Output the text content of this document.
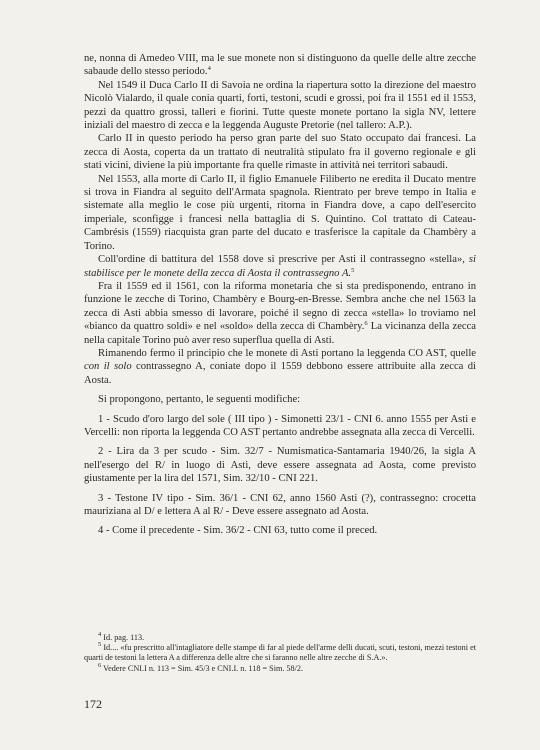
ne, nonna di Amedeo VIII, ma le sue monete non si distinguono da quelle delle altre zecche sabaude dello stesso periodo.$^4$

Nel 1549 il Duca Carlo II di Savoia ne ordina la riapertura sotto la direzione del maestro Nicolò Vialardo, il quale conia quarti, forti, testoni, scudi e grossi, poi fra il 1551 ed il 1553, pezzi da quattro grossi, talleri e fiorini. Tutte queste monete portano la sigla NV, lettere iniziali del maestro di zecca e la leggenda Auguste Pretorie (nel tallero: A.P.).

Carlo II in questo periodo ha perso gran parte del suo Stato occupato dai francesi. La zecca di Aosta, coperta da un trattato di neutralità stipulato fra il governo regionale e gli stati vicini, diviene la più importante fra quelle rimaste in attività nei territori sabaudi.

Nel 1553, alla morte di Carlo II, il figlio Emanuele Filiberto ne eredita il Ducato mentre si trova in Fiandra al seguito dell'Armata spagnola. Rientrato per breve tempo in Italia e sistemate alla meglio le cose più urgenti, ritorna in Fiandra dove, a capo dell'esercito imperiale, sconfigge i francesi nella battaglia di S. Quintino. Col trattato di Cateau-Cambrésis (1559) riacquista gran parte del ducato e trasferisce la capitale da Chambèry a Torino.

Coll'ordine di battitura del 1558 dove si prescrive per Asti il contrassegno «stella», si stabilisce per le monete della zecca di Aosta il contrassegno A.$^5$

Fra il 1559 ed il 1561, con la riforma monetaria che si sta predisponendo, entrano in funzione le zecche di Torino, Chambèry e Bourg-en-Bresse. Sembra anche che nel 1563 la zecca di Asti abbia smesso di lavorare, poiché il segno di zecca «stella» lo troviamo nel «bianco da quattro soldi» e nel «soldo» della zecca di Chambèry.$^6$ La vicinanza della zecca nella capitale Torino può aver reso superflua quella di Asti.

Rimanendo fermo il principio che le monete di Asti portano la leggenda CO AST, quelle con il solo contrassegno A, coniate dopo il 1559 debbono essere attribuite alla zecca di Aosta.

Si propongono, pertanto, le seguenti modifiche:

1 - Scudo d'oro largo del sole ( III tipo ) - Simonetti 23/1 - CNI 6. anno 1555 per Asti e Vercelli: non riporta la leggenda CO AST pertanto andrebbe assegnata alla zecca di Vercelli.

2 - Lira da 3 per scudo - Sim. 32/7 - Numismatica-Santamaria 1940/26, la sigla A nell'esergo del R/ in luogo di Asti, deve essere assegnata ad Aosta, come previsto giustamente per la lira del 1571, Sim. 32/10 - CNI 221.

3 - Testone IV tipo - Sim. 36/1 - CNI 62, anno 1560 Asti (?), contrassegno: crocetta mauriziana al D/ e lettera A al R/ - Deve essere assegnato ad Aosta.

4 - Come il precedente - Sim. 36/2 - CNI 63, tutto come il preced.

$^4$ Id. pag. 113.

$^5$ Id.... «fu prescritto all'intagliatore delle stampe di far al piede dell'arme delli ducati, scuti, testoni, mezzi testoni et quarti de testoni la lettera A a differenza delle altre che si faranno nelle altre zecche di S.A.».

$^6$ Vedere CNI.I n. 113 = Sim. 45/3 e CNI.I. n. 118 = Sim. 58/2.

172
